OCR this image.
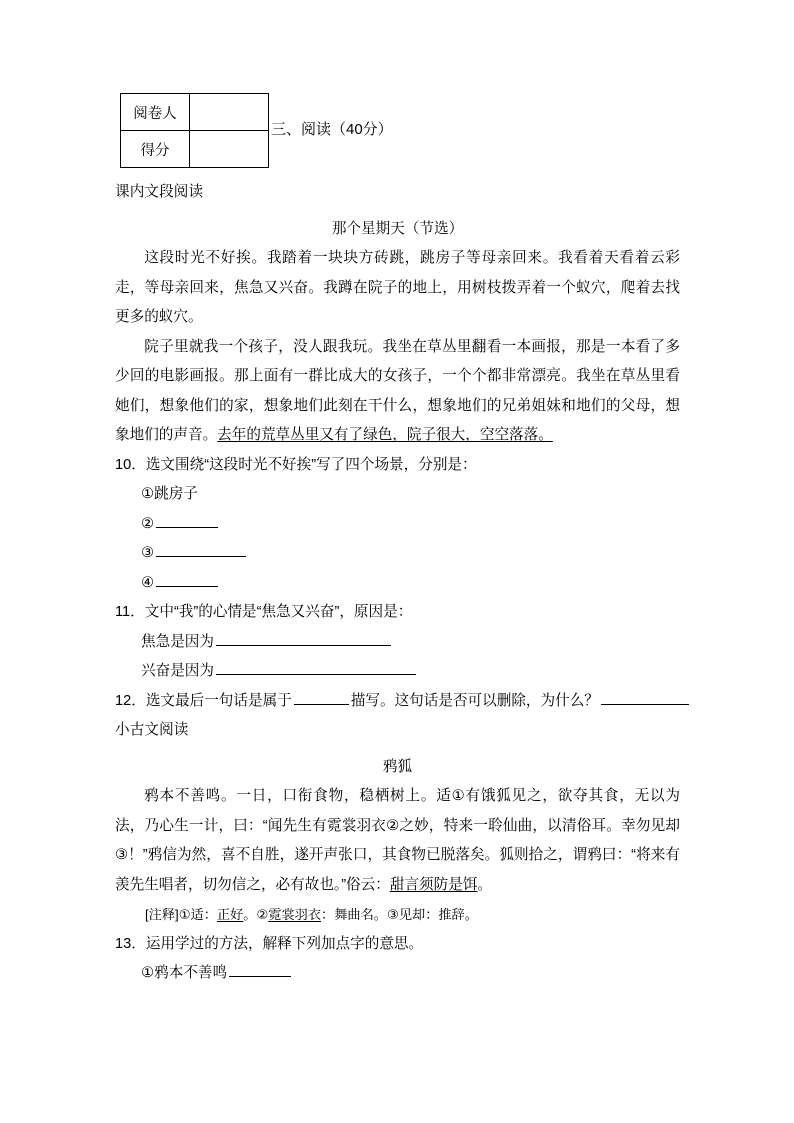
阅卷人	
得分	
三、阅读（40分）
课内文段阅读

那个星期天（节选）

这段时光不好挨。我踏着一块块方砖跳，跳房子等母亲回来。我看着天看着云彩走，等母亲回来，焦急又兴奋。我蹲在院子的地上，用树枝拨弄着一个蚁穴，爬着去找更多的蚁穴。

院子里就我一个孩子，没人跟我玩。我坐在草丛里翻看一本画报，那是一本看了多少回的电影画报。那上面有一群比成大的女孩子，一个个都非常漂亮。我坐在草丛里看她们，想象他们的家，想象地们此刻在干什么，想象地们的兄弟姐妹和地们的父母，想象地们的声音。去年的荒草丛里又有了绿色，院子很大，空空落落。

10．选文围绕“这段时光不好挨”写了四个场景，分别是：

①跳房子

②

③

④

11．文中“我”的心情是“焦急又兴奋”，原因是：

焦急是因为

兴奋是因为

12．选文最后一句话是属于	描写。这句话是否可以删除，为什么？

小古文阅读

鸦狐

鸦本不善鸣。一日，口衔食物，稳栖树上。适①有饿狐见之，欲夺其食，无以为法，乃心生一计，曰：“闻先生有霓裳羽衣②之妙，特来一聆仙曲，以清俗耳。幸勿见却③！”鸦信为然，喜不自胜，遂开声张口，其食物已脱落矣。狐则拾之，谓鸦曰：“将来有羡先生唱者，切勿信之，必有故也。”俗云：甜言须防是饵。

[注释]①适：正好。②霓裳羽衣：舞曲名。③见却：推辞。

13．运用学过的方法，解释下列加点字的意思。

①鸦本不善鸣
